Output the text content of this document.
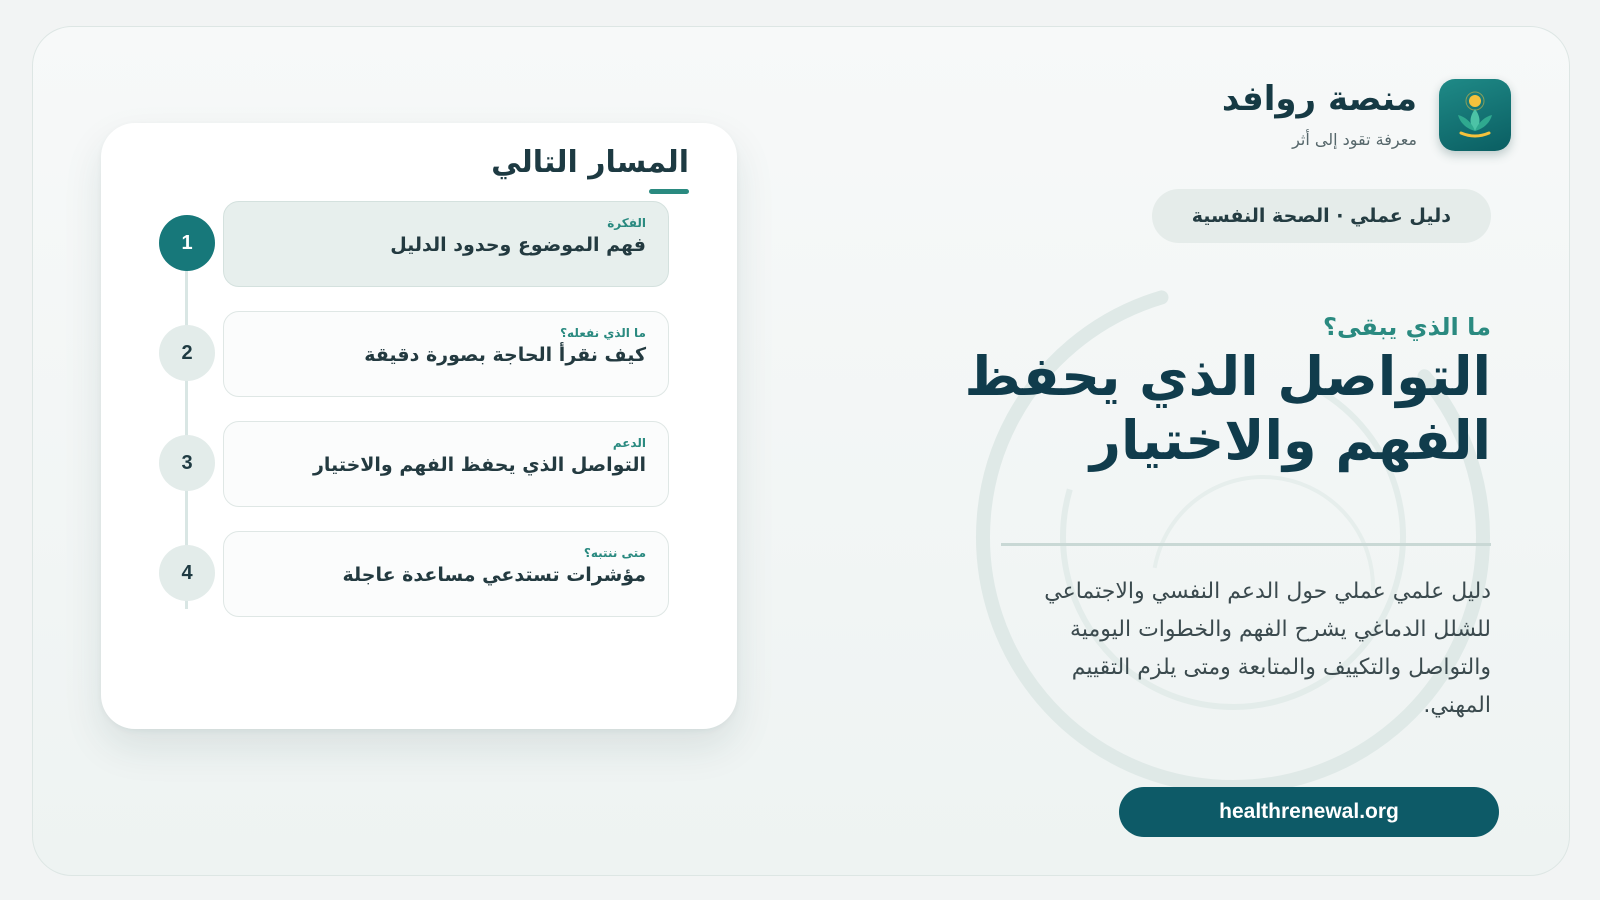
منصة روافد
معرفة تقود إلى أثر
دليل عملي · الصحة النفسية
ما الذي يبقى؟
التواصل الذي يحفظ الفهم والاختيار
دليل علمي عملي حول الدعم النفسي والاجتماعي للشلل الدماغي يشرح الفهم والخطوات اليومية والتواصل والتكييف والمتابعة ومتى يلزم التقييم المهني.
healthrenewal.org
المسار التالي
1
الفكرة
فهم الموضوع وحدود الدليل
2
ما الذي نفعله؟
كيف نقرأ الحاجة بصورة دقيقة
3
الدعم
التواصل الذي يحفظ الفهم والاختيار
4
متى ننتبه؟
مؤشرات تستدعي مساعدة عاجلة
